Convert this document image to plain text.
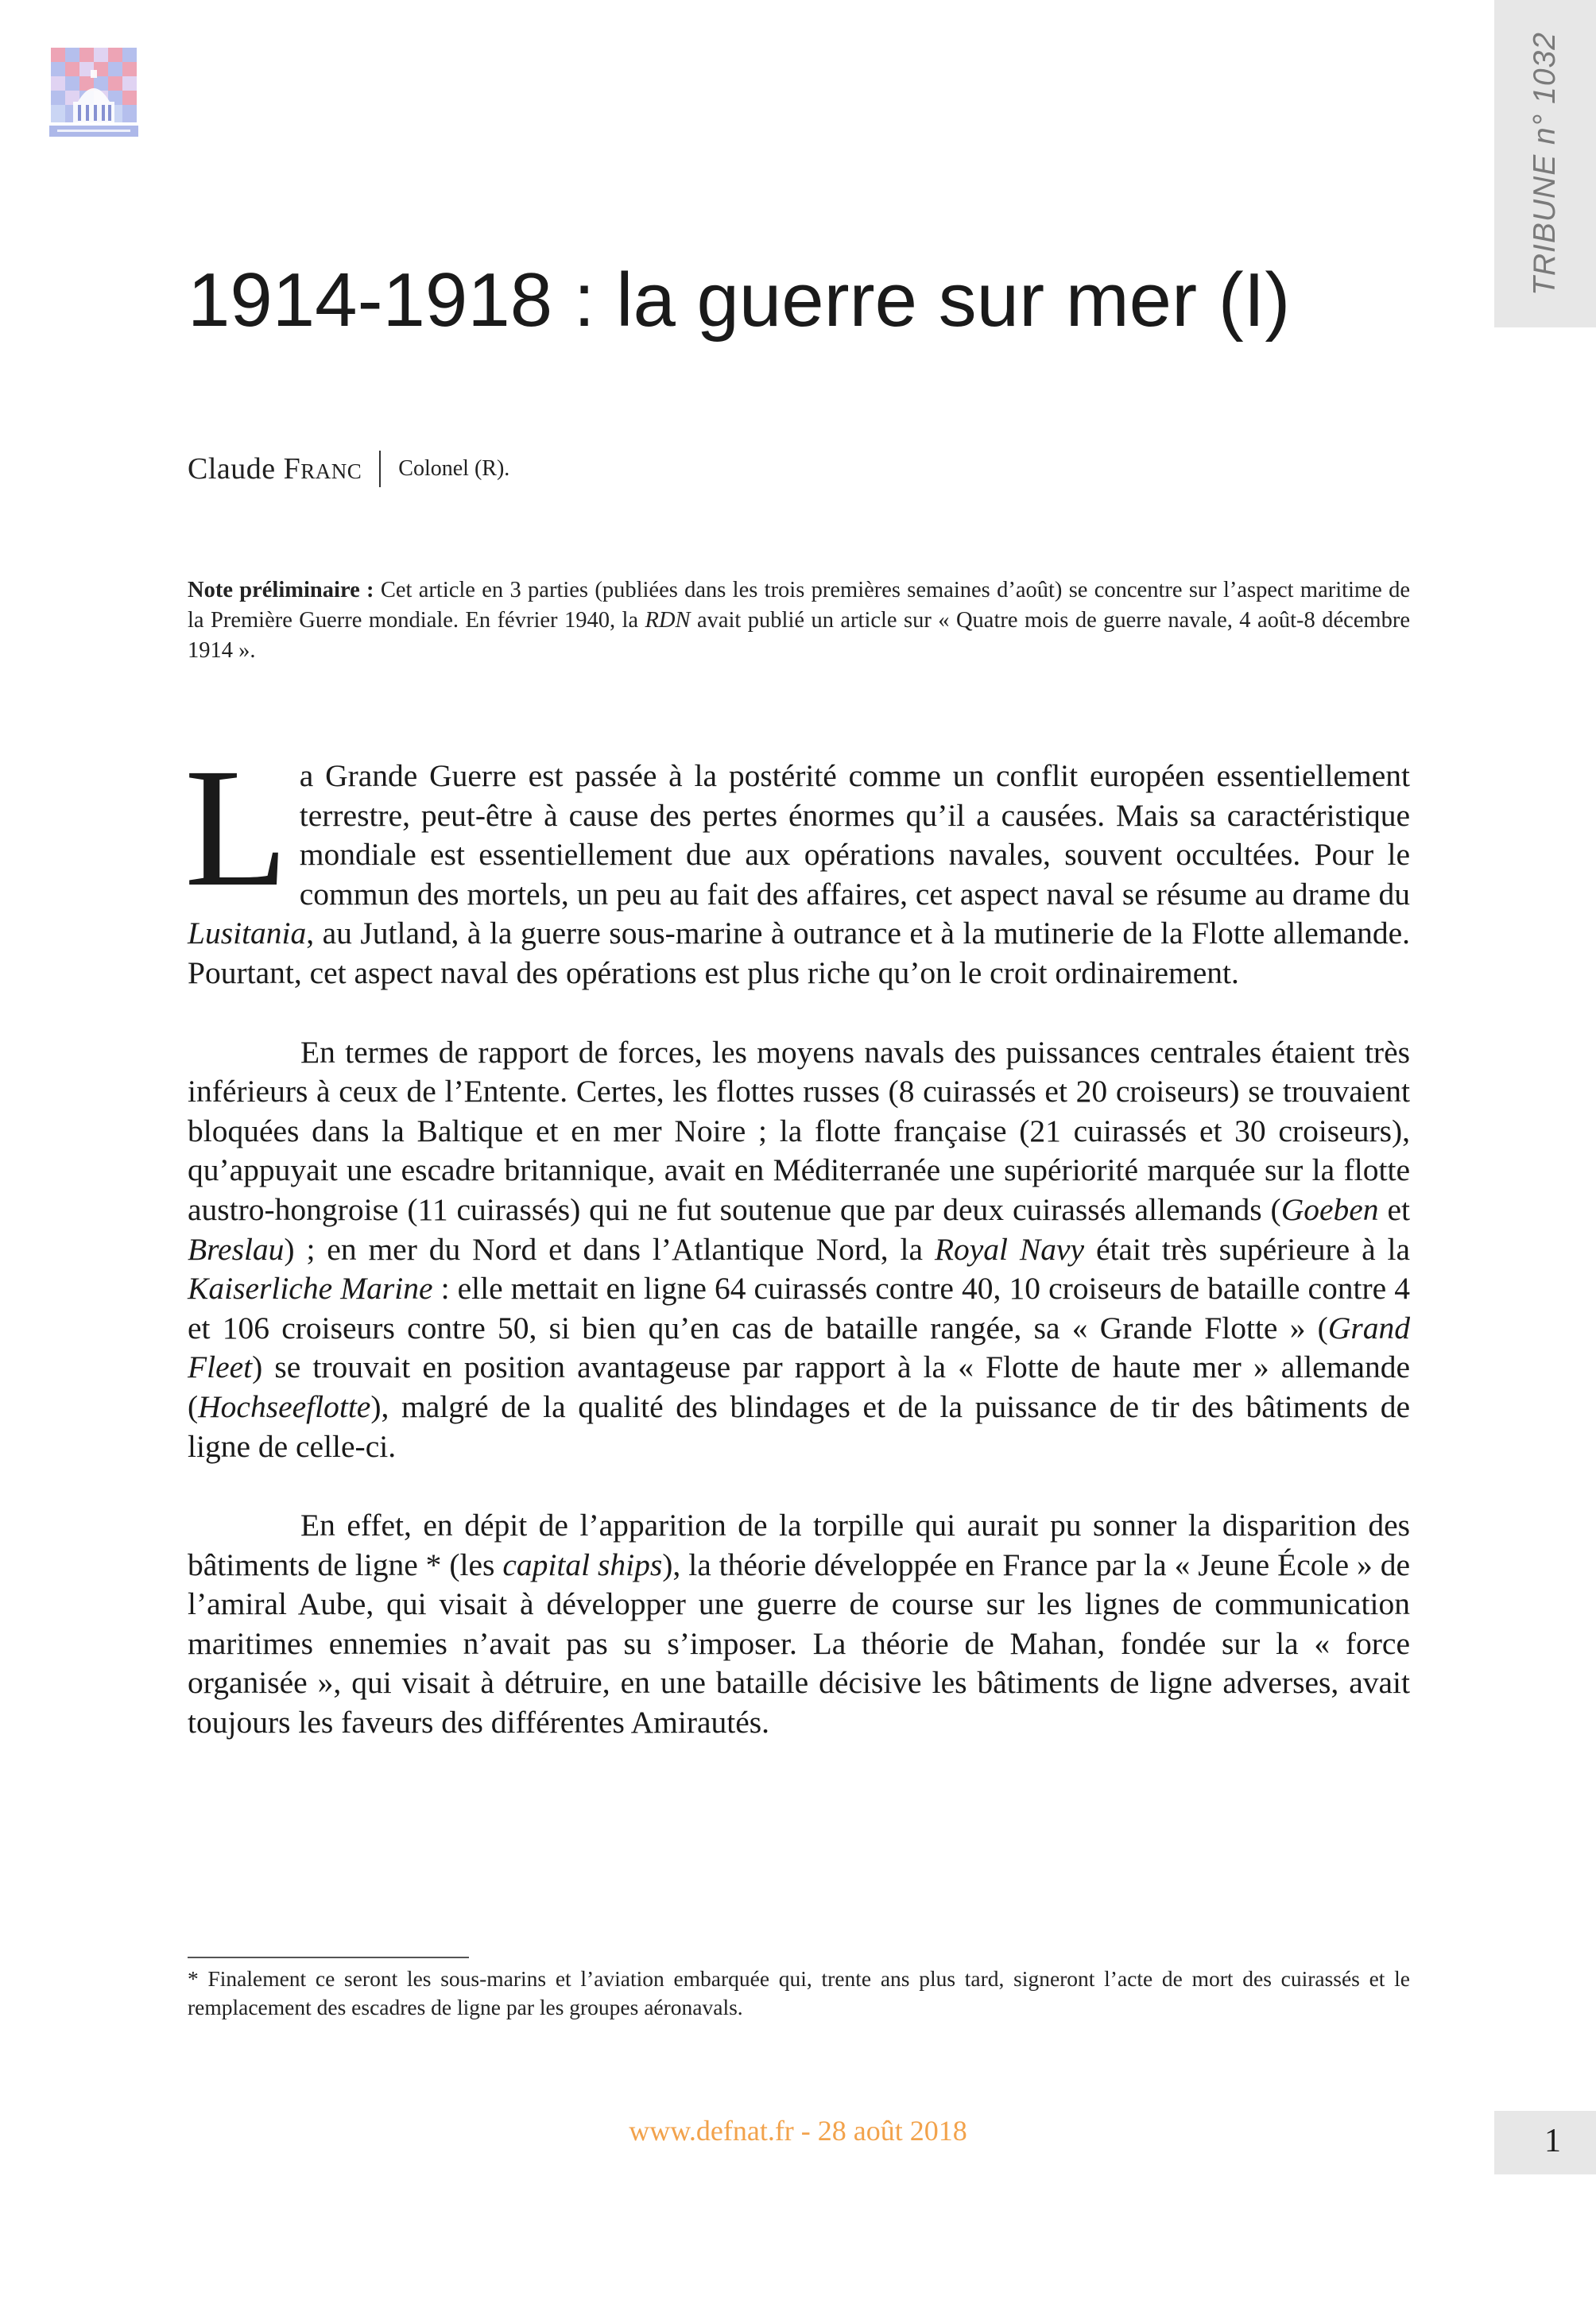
TRIBUNE n° 1032
1914-1918 : la guerre sur mer (I)
Claude Franc Colonel (R).

Note préliminaire : Cet article en 3 parties (publiées dans les trois premières semaines d’août) se concentre sur l’aspect maritime de la Première Guerre mondiale. En février 1940, la RDN avait publié un article sur « Quatre mois de guerre navale, 4 août-8 décembre 1914 ».

La Grande Guerre est passée à la postérité comme un conflit européen essentiellement terrestre, peut-être à cause des pertes énormes qu’il a causées. Mais sa caractéristique mondiale est essentiellement due aux opérations navales, souvent occultées. Pour le commun des mortels, un peu au fait des affaires, cet aspect naval se résume au drame du Lusitania, au Jutland, à la guerre sous-marine à outrance et à la mutinerie de la Flotte allemande. Pourtant, cet aspect naval des opérations est plus riche qu’on le croit ordinairement.

En termes de rapport de forces, les moyens navals des puissances centrales étaient très inférieurs à ceux de l’Entente. Certes, les flottes russes (8 cuirassés et 20 croiseurs) se trouvaient bloquées dans la Baltique et en mer Noire ; la flotte française (21 cuirassés et 30 croiseurs), qu’appuyait une escadre britannique, avait en Méditerranée une supériorité marquée sur la flotte austro-hongroise (11 cuirassés) qui ne fut soutenue que par deux cuirassés allemands (Goeben et Breslau) ; en mer du Nord et dans l’Atlantique Nord, la Royal Navy était très supérieure à la Kaiserliche Marine : elle mettait en ligne 64 cuirassés contre 40, 10 croiseurs de bataille contre 4 et 106 croiseurs contre 50, si bien qu’en cas de bataille rangée, sa « Grande Flotte » (Grand Fleet) se trouvait en position avantageuse par rapport à la « Flotte de haute mer » allemande (Hochseeflotte), malgré de la qualité des blindages et de la puissance de tir des bâtiments de ligne de celle-ci.

En effet, en dépit de l’apparition de la torpille qui aurait pu sonner la disparition des bâtiments de ligne * (les capital ships), la théorie développée en France par la « Jeune École » de l’amiral Aube, qui visait à développer une guerre de course sur les lignes de communication maritimes ennemies n’avait pas su s’imposer. La théorie de Mahan, fondée sur la « force organisée », qui visait à détruire, en une bataille décisive les bâtiments de ligne adverses, avait toujours les faveurs des différentes Amirautés.

* Finalement ce seront les sous-marins et l’aviation embarquée qui, trente ans plus tard, signeront l’acte de mort des cuirassés et le remplacement des escadres de ligne par les groupes aéronavals.

www.defnat.fr - 28 août 2018	1
